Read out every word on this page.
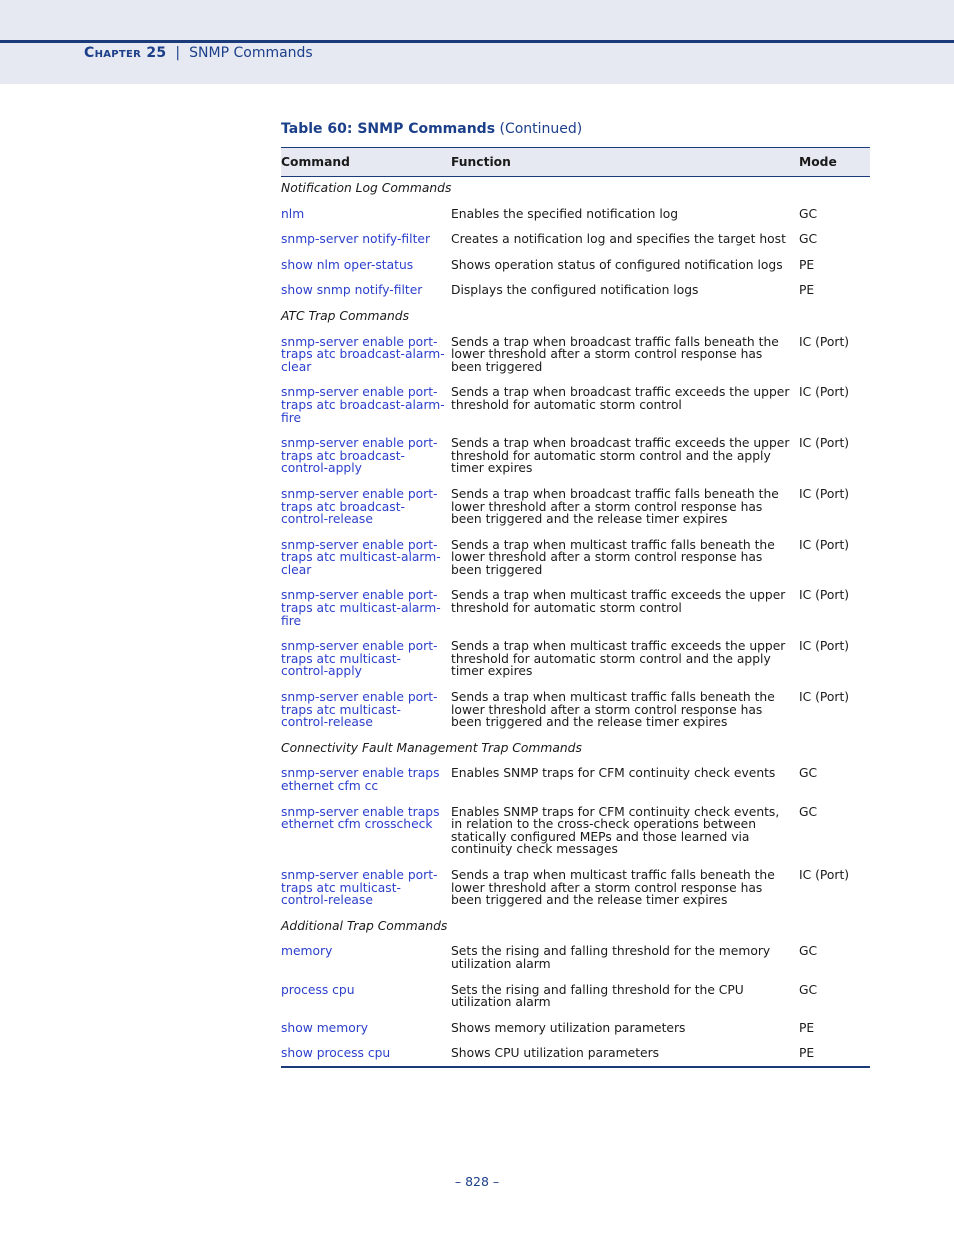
Chapter 25 | SNMP Commands
Table 60: SNMP Commands (Continued)
Command	Function	Mode
Notification Log Commands		
nlm	Enables the specified notification log	GC
snmp-server notify-filter	Creates a notification log and specifies the target host	GC
show nlm oper-status	Shows operation status of configured notification logs	PE
show snmp notify-filter	Displays the configured notification logs	PE
ATC Trap Commands		
snmp-server enable port-traps atc broadcast-alarm-clear	Sends a trap when broadcast traffic falls beneath the lower threshold after a storm control response has been triggered	IC (Port)
snmp-server enable port-traps atc broadcast-alarm-fire	Sends a trap when broadcast traffic exceeds the upper threshold for automatic storm control	IC (Port)
snmp-server enable port-traps atc broadcast-control-apply	Sends a trap when broadcast traffic exceeds the upper threshold for automatic storm control and the apply timer expires	IC (Port)
snmp-server enable port-traps atc broadcast-control-release	Sends a trap when broadcast traffic falls beneath the lower threshold after a storm control response has been triggered and the release timer expires	IC (Port)
snmp-server enable port-traps atc multicast-alarm-clear	Sends a trap when multicast traffic falls beneath the lower threshold after a storm control response has been triggered	IC (Port)
snmp-server enable port-traps atc multicast-alarm-fire	Sends a trap when multicast traffic exceeds the upper threshold for automatic storm control	IC (Port)
snmp-server enable port-traps atc multicast-control-apply	Sends a trap when multicast traffic exceeds the upper threshold for automatic storm control and the apply timer expires	IC (Port)
snmp-server enable port-traps atc multicast-control-release	Sends a trap when multicast traffic falls beneath the lower threshold after a storm control response has been triggered and the release timer expires	IC (Port)
Connectivity Fault Management Trap Commands		
snmp-server enable traps ethernet cfm cc	Enables SNMP traps for CFM continuity check events	GC
snmp-server enable traps ethernet cfm crosscheck	Enables SNMP traps for CFM continuity check events, in relation to the cross-check operations between statically configured MEPs and those learned via continuity check messages	GC
snmp-server enable port-traps atc multicast-control-release	Sends a trap when multicast traffic falls beneath the lower threshold after a storm control response has been triggered and the release timer expires	IC (Port)
Additional Trap Commands		
memory	Sets the rising and falling threshold for the memory utilization alarm	GC
process cpu	Sets the rising and falling threshold for the CPU utilization alarm	GC
show memory	Shows memory utilization parameters	PE
show process cpu	Shows CPU utilization parameters	PE
– 828 –
